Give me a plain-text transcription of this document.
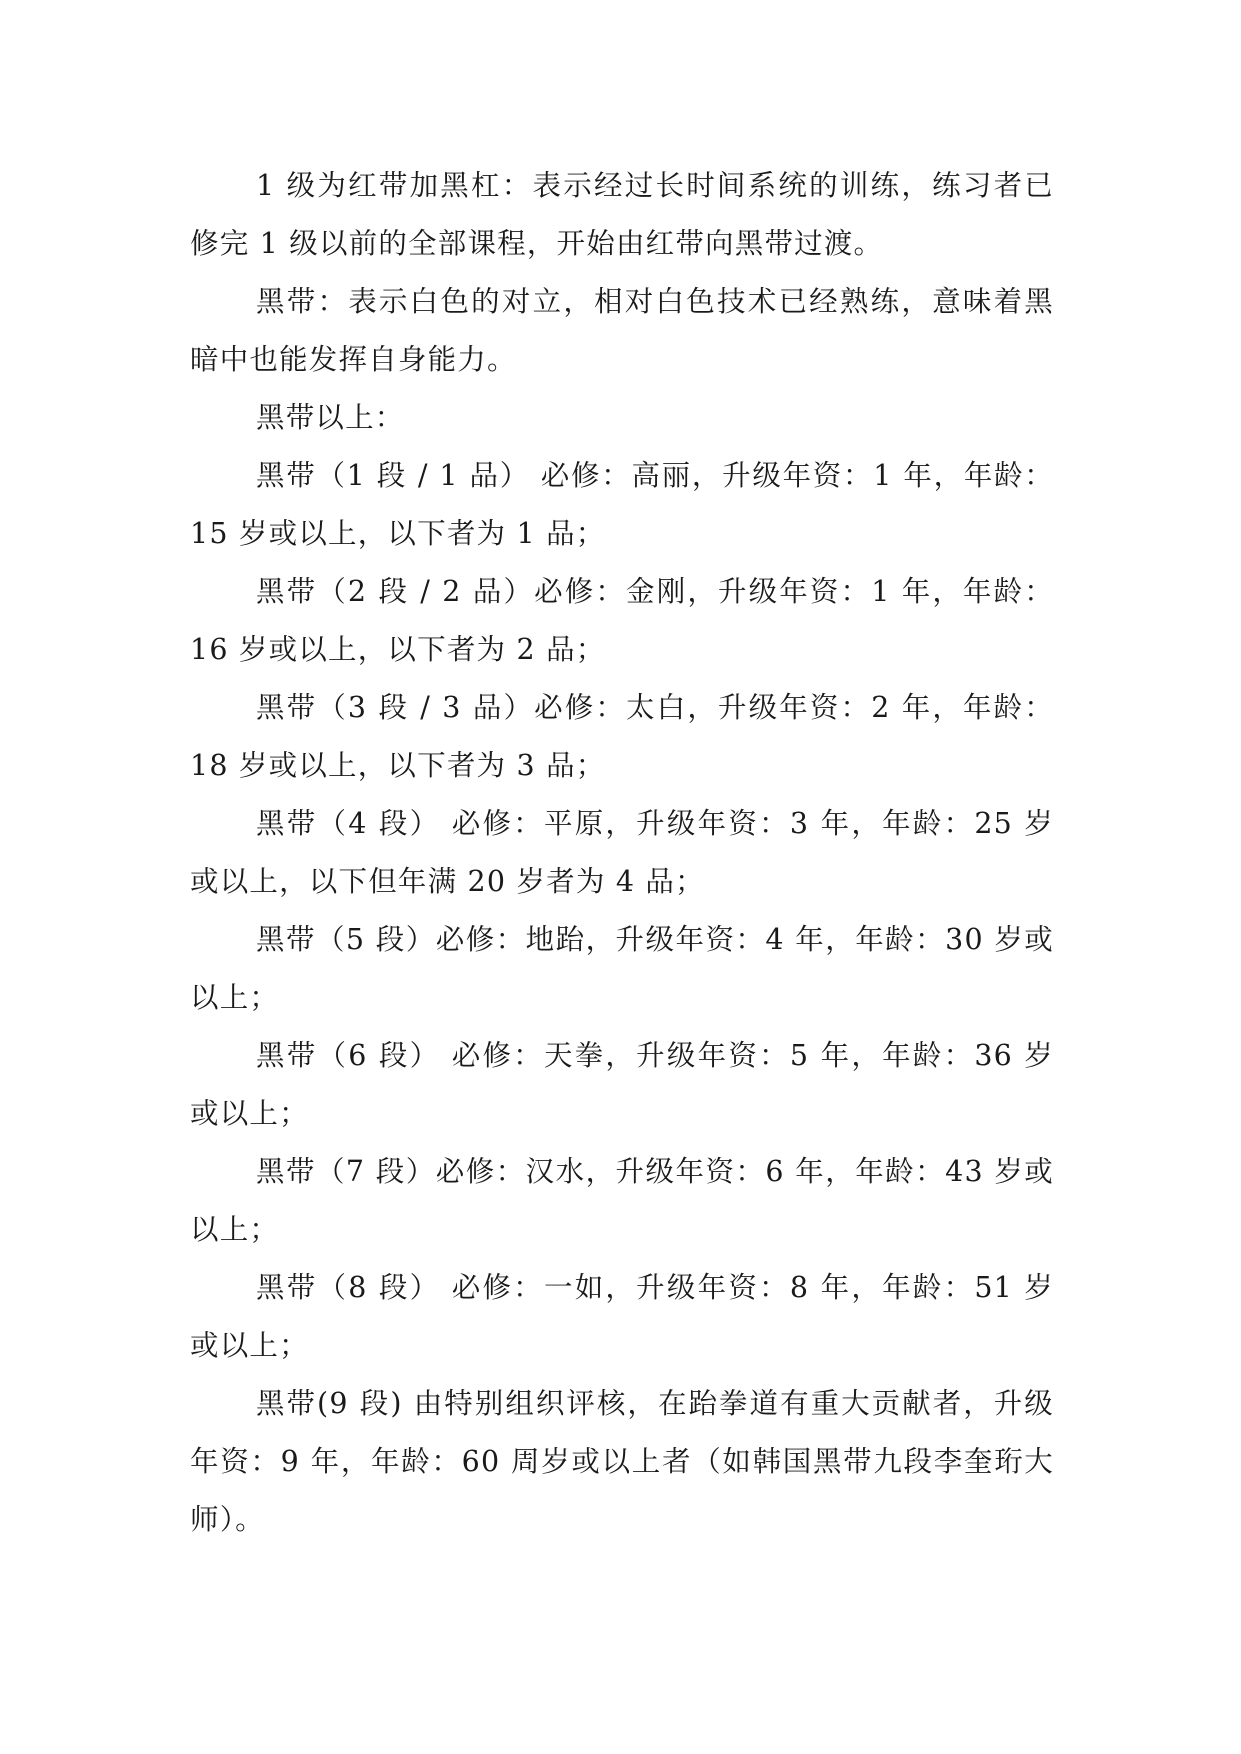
1 级为红带加黑杠：表示经过长时间系统的训练，练习者已修完 1 级以前的全部课程，开始由红带向黑带过渡。

黑带：表示白色的对立，相对白色技术已经熟练，意味着黑暗中也能发挥自身能力。

黑带以上：

黑带（1 段 / 1 品） 必修：高丽，升级年资：1 年，年龄：15 岁或以上，以下者为 1 品；

黑带（2 段 / 2 品）必修：金刚，升级年资：1 年，年龄：16 岁或以上，以下者为 2 品；

黑带（3 段 / 3 品）必修：太白，升级年资：2 年，年龄：18 岁或以上，以下者为 3 品；

黑带（4 段） 必修：平原，升级年资：3 年，年龄：25 岁或以上，以下但年满 20 岁者为 4 品；

黑带（5 段）必修：地跆，升级年资：4 年，年龄：30 岁或以上；

黑带（6 段） 必修：天拳，升级年资：5 年，年龄：36 岁或以上；

黑带（7 段）必修：汉水，升级年资：6 年，年龄：43 岁或以上；

黑带（8 段） 必修：一如，升级年资：8 年，年龄：51 岁或以上；

黑带(9 段) 由特别组织评核，在跆拳道有重大贡献者，升级年资：9 年，年龄：60 周岁或以上者（如韩国黑带九段李奎珩大师）。
